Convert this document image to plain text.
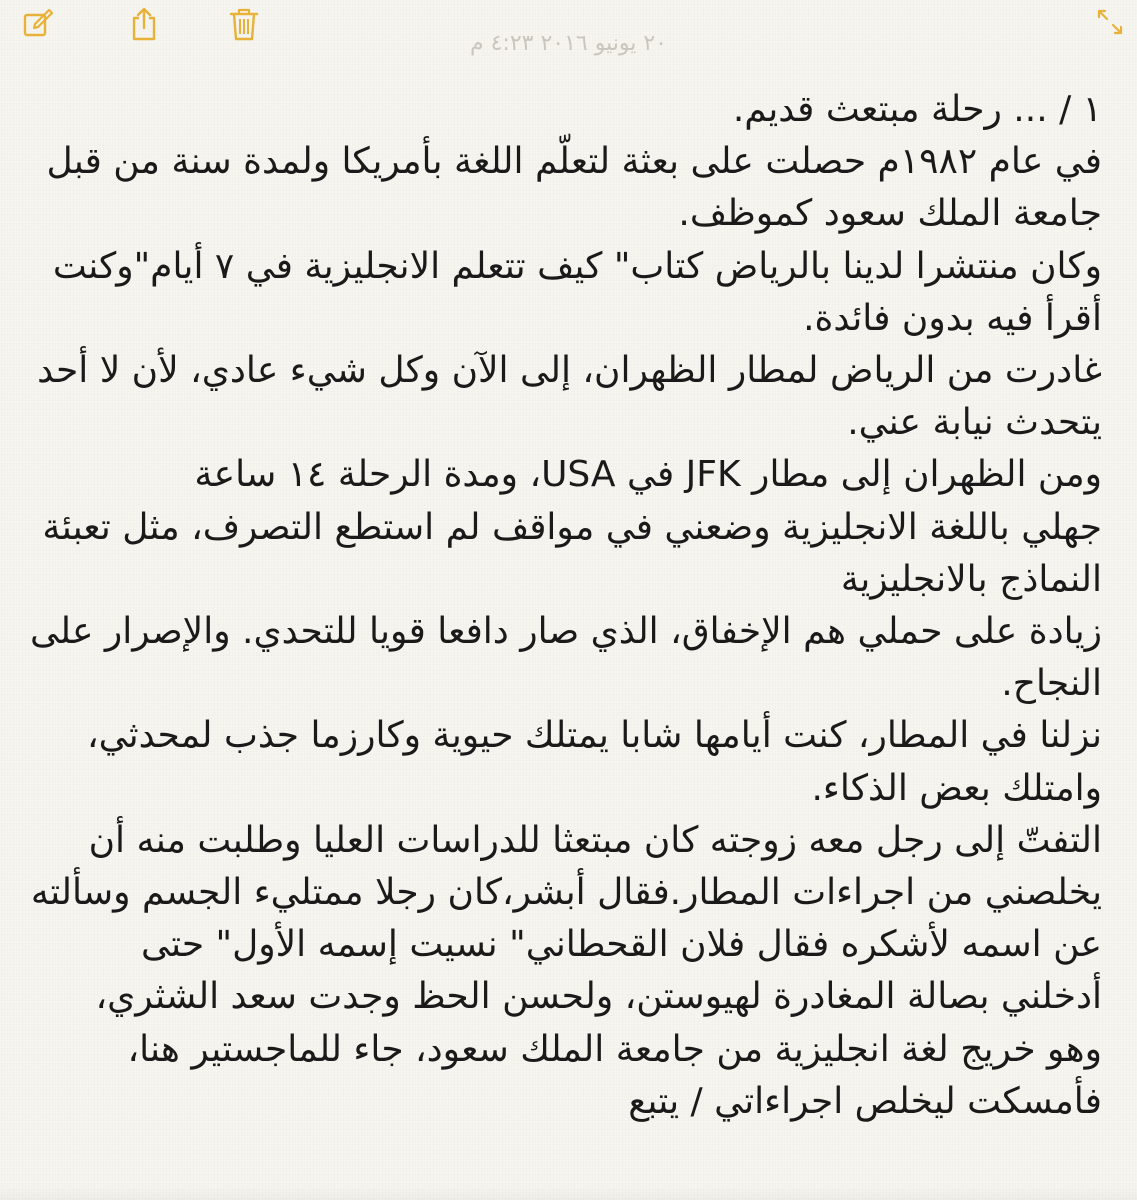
٢٠ يونيو ٢٠١٦ ٤:٢٣ م

١ / ... رحلة مبتعث قديم.

في عام ١٩٨٢م حصلت على بعثة لتعلّم اللغة بأمريكا ولمدة سنة من قبل جامعة الملك سعود كموظف.

وكان منتشرا لدينا بالرياض كتاب" كيف تتعلم الانجليزية في ٧ أيام"وكنت أقرأ فيه بدون فائدة.

غادرت من الرياض لمطار الظهران، إلى الآن وكل شيء عادي، لأن لا أحد يتحدث نيابة عني.

ومن الظهران إلى مطار JFK في USA، ومدة الرحلة ١٤ ساعة

جهلي باللغة الانجليزية وضعني في مواقف لم استطع التصرف، مثل تعبئة النماذج بالانجليزية

زيادة على حملي هم الإخفاق، الذي صار دافعا قويا للتحدي. والإصرار على النجاح.

نزلنا في المطار، كنت أيامها شابا يمتلك حيوية وكارزما جذب لمحدثي، وامتلك بعض الذكاء.

التفتّ إلى رجل معه زوجته كان مبتعثا للدراسات العليا وطلبت منه أن يخلصني من اجراءات المطار.فقال أبشر،كان رجلا ممتليء الجسم وسألته عن اسمه لأشكره فقال فلان القحطاني" نسيت إسمه الأول" حتى أدخلني بصالة المغادرة لهيوستن، ولحسن الحظ وجدت سعد الشثري، وهو خريج لغة انجليزية من جامعة الملك سعود، جاء للماجستير هنا، فأمسكت ليخلص اجراءاتي / يتبع
